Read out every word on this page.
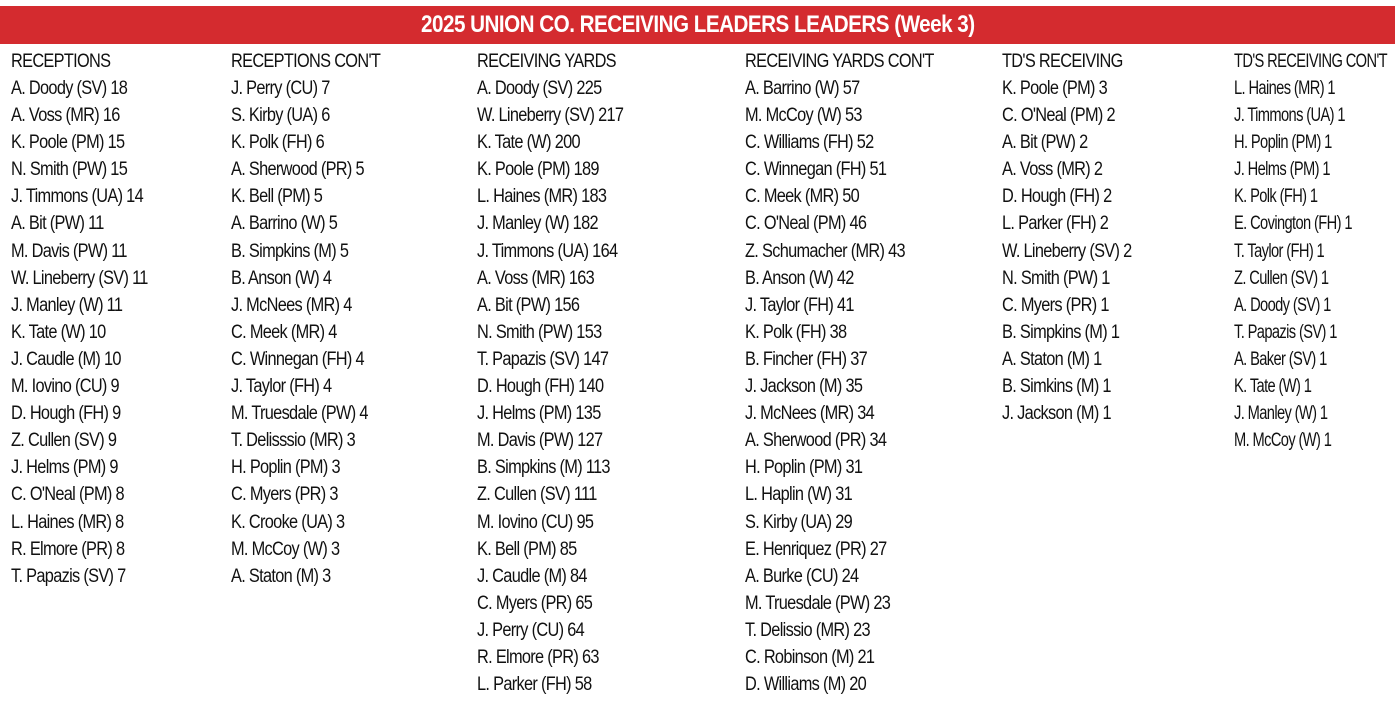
2025 UNION CO. RECEIVING LEADERS LEADERS (Week 3)
RECEPTIONS
A. Doody (SV) 18
A. Voss (MR) 16
K. Poole (PM) 15
N. Smith (PW) 15
J. Timmons (UA) 14
A. Bit (PW) 11
M. Davis (PW) 11
W. Lineberry (SV) 11
J. Manley (W) 11
K. Tate (W) 10
J. Caudle (M) 10
M. Iovino (CU) 9
D. Hough (FH) 9
Z. Cullen (SV) 9
J. Helms (PM) 9
C. O'Neal (PM) 8
L. Haines (MR) 8
R. Elmore (PR) 8
T. Papazis (SV) 7
RECEPTIONS CON'T
J. Perry (CU) 7
S. Kirby (UA) 6
K. Polk (FH) 6
A. Sherwood (PR) 5
K. Bell (PM) 5
A. Barrino (W) 5
B. Simpkins (M) 5
B. Anson (W) 4
J. McNees (MR) 4
C. Meek (MR) 4
C. Winnegan (FH) 4
J. Taylor (FH) 4
M. Truesdale (PW) 4
T. Delisssio (MR) 3
H. Poplin (PM) 3
C. Myers (PR) 3
K. Crooke (UA) 3
M. McCoy (W) 3
A. Staton (M) 3
RECEIVING YARDS
A. Doody (SV) 225
W. Lineberry (SV) 217
K. Tate (W) 200
K. Poole (PM) 189
L. Haines (MR) 183
J. Manley (W) 182
J. Timmons (UA) 164
A. Voss (MR) 163
A. Bit (PW) 156
N. Smith (PW) 153
T. Papazis (SV) 147
D. Hough (FH) 140
J. Helms (PM) 135
M. Davis (PW) 127
B. Simpkins (M) 113
Z. Cullen (SV) 111
M. Iovino (CU) 95
K. Bell (PM) 85
J. Caudle (M) 84
C. Myers (PR) 65
J. Perry (CU) 64
R. Elmore (PR) 63
L. Parker (FH) 58
RECEIVING YARDS CON'T
A. Barrino (W) 57
M. McCoy (W) 53
C. Williams (FH) 52
C. Winnegan (FH) 51
C. Meek (MR) 50
C. O'Neal (PM) 46
Z. Schumacher (MR) 43
B. Anson (W) 42
J. Taylor (FH) 41
K. Polk (FH) 38
B. Fincher (FH) 37
J. Jackson (M) 35
J. McNees (MR) 34
A. Sherwood (PR) 34
H. Poplin (PM) 31
L. Haplin (W) 31
S. Kirby (UA) 29
E. Henriquez (PR) 27
A. Burke (CU) 24
M. Truesdale (PW) 23
T. Delissio (MR) 23
C. Robinson (M) 21
D. Williams (M) 20
TD'S RECEIVING
K. Poole (PM) 3
C. O'Neal (PM) 2
A. Bit (PW) 2
A. Voss (MR) 2
D. Hough (FH) 2
L. Parker (FH) 2
W. Lineberry (SV) 2
N. Smith (PW) 1
C. Myers (PR) 1
B. Simpkins (M) 1
A. Staton (M) 1
B. Simkins (M) 1
J. Jackson (M) 1
TD'S RECEIVING CON'T
L. Haines (MR) 1
J. Timmons (UA) 1
H. Poplin (PM) 1
J. Helms (PM) 1
K. Polk (FH) 1
E. Covington (FH) 1
T. Taylor (FH) 1
Z. Cullen (SV) 1
A. Doody (SV) 1
T. Papazis (SV) 1
A. Baker (SV) 1
K. Tate (W) 1
J. Manley (W) 1
M. McCoy (W) 1
